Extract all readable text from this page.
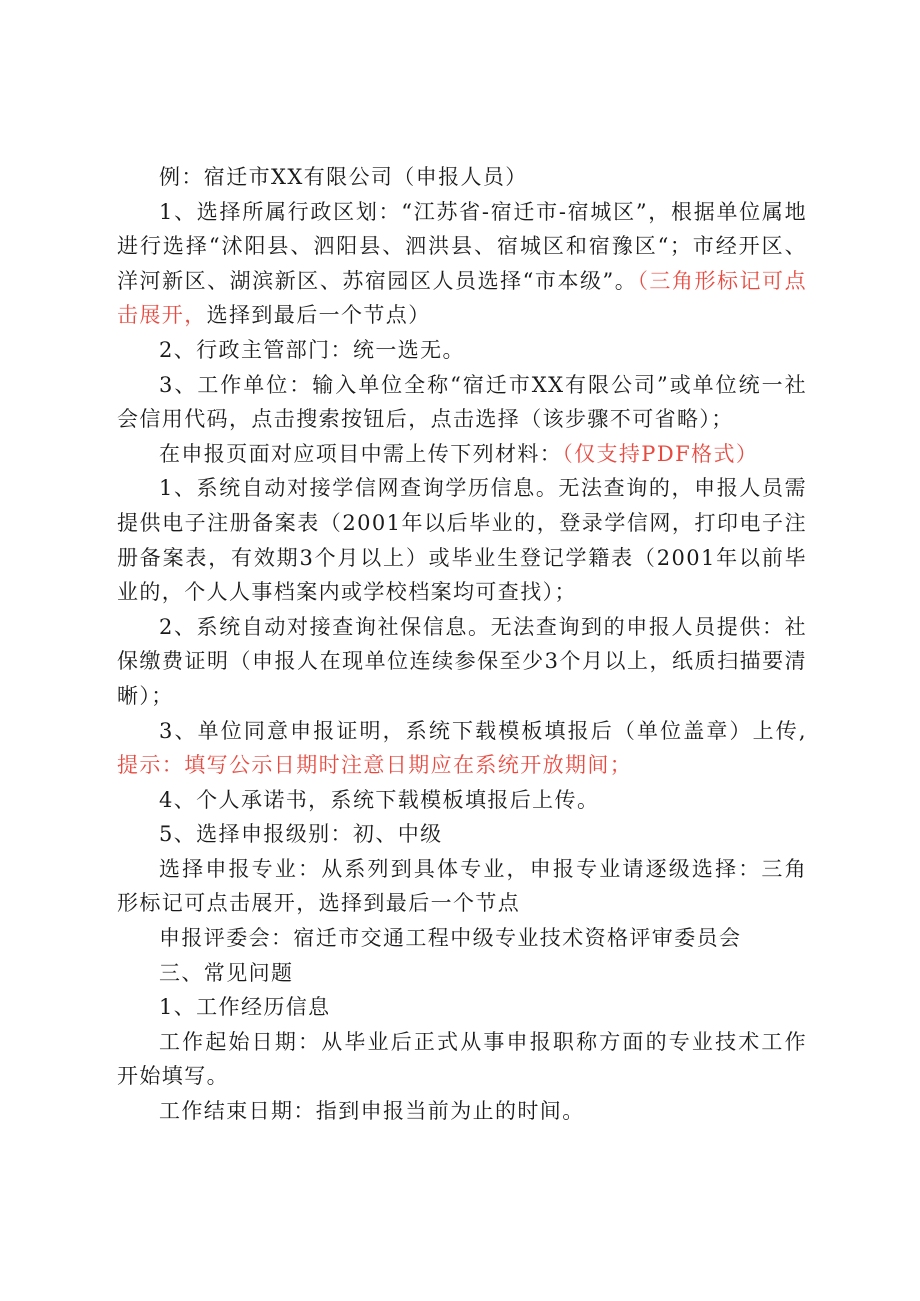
例：宿迁市XX有限公司（申报人员）

1、选择所属行政区划：“江苏省-宿迁市-宿城区”，根据单位属地进行选择“沭阳县、泗阳县、泗洪县、宿城区和宿豫区“；市经开区、洋河新区、湖滨新区、苏宿园区人员选择“市本级”。（三角形标记可点击展开，选择到最后一个节点）

2、行政主管部门：统一选无。

3、工作单位：输入单位全称“宿迁市XX有限公司”或单位统一社会信用代码，点击搜索按钮后，点击选择（该步骤不可省略）；

在申报页面对应项目中需上传下列材料：（仅支持PDF格式）

1、系统自动对接学信网查询学历信息。无法查询的，申报人员需提供电子注册备案表（2001年以后毕业的，登录学信网，打印电子注册备案表，有效期3个月以上）或毕业生登记学籍表（2001年以前毕业的，个人人事档案内或学校档案均可查找）；

2、系统自动对接查询社保信息。无法查询到的申报人员提供：社保缴费证明（申报人在现单位连续参保至少3个月以上，纸质扫描要清晰）；

3、单位同意申报证明，系统下载模板填报后（单位盖章）上传,提示：填写公示日期时注意日期应在系统开放期间；

4、个人承诺书，系统下载模板填报后上传。

5、选择申报级别：初、中级

选择申报专业：从系列到具体专业，申报专业请逐级选择：三角形标记可点击展开，选择到最后一个节点

申报评委会：宿迁市交通工程中级专业技术资格评审委员会

三、常见问题

1、工作经历信息

工作起始日期：从毕业后正式从事申报职称方面的专业技术工作开始填写。

工作结束日期：指到申报当前为止的时间。
